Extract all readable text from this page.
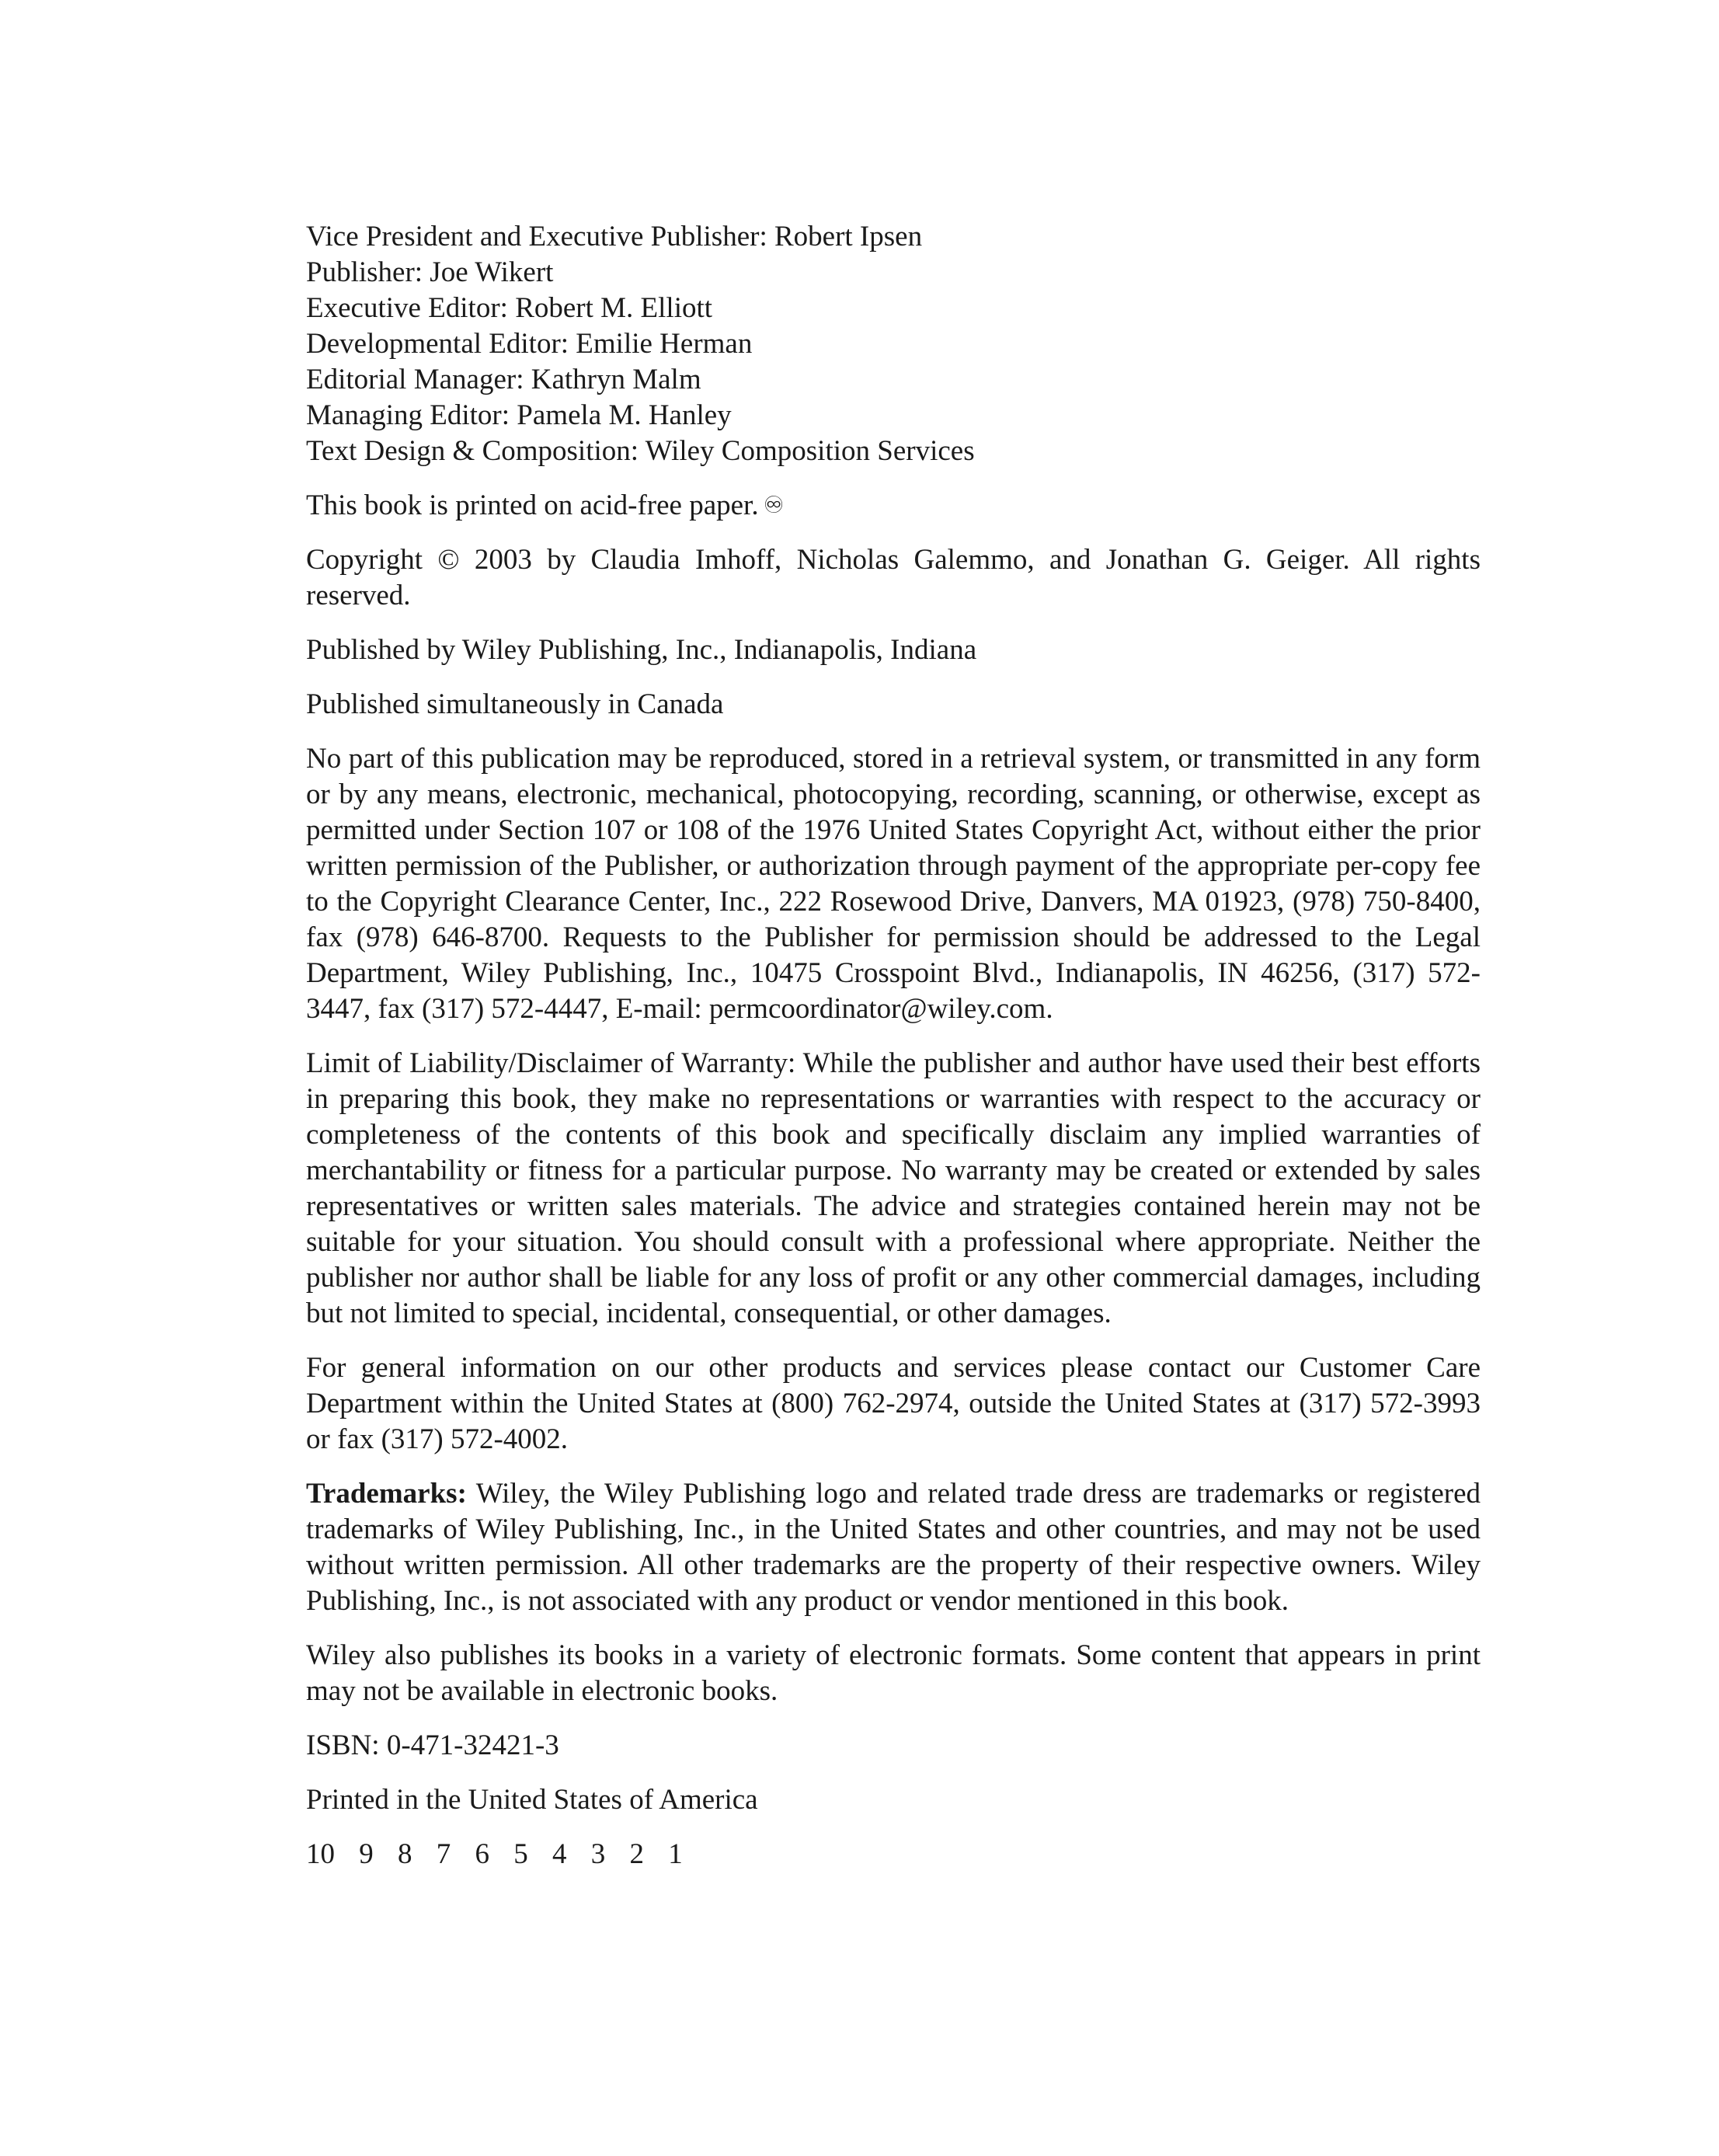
Vice President and Executive Publisher: Robert Ipsen
Publisher: Joe Wikert
Executive Editor: Robert M. Elliott
Developmental Editor: Emilie Herman
Editorial Manager: Kathryn Malm
Managing Editor: Pamela M. Hanley
Text Design & Composition: Wiley Composition Services

This book is printed on acid-free paper. ♾

Copyright © 2003 by Claudia Imhoff, Nicholas Galemmo, and Jonathan G. Geiger. All rights reserved.

Published by Wiley Publishing, Inc., Indianapolis, Indiana

Published simultaneously in Canada

No part of this publication may be reproduced, stored in a retrieval system, or transmitted in any form or by any means, electronic, mechanical, photocopying, recording, scanning, or otherwise, except as permitted under Section 107 or 108 of the 1976 United States Copyright Act, without either the prior written permission of the Publisher, or authorization through payment of the appropriate per-copy fee to the Copyright Clearance Center, Inc., 222 Rosewood Drive, Danvers, MA 01923, (978) 750-8400, fax (978) 646-8700. Requests to the Publisher for permission should be addressed to the Legal Department, Wiley Publishing, Inc., 10475 Crosspoint Blvd., Indianapolis, IN 46256, (317) 572-3447, fax (317) 572-4447, E-mail: permcoordinator@wiley.com.

Limit of Liability/Disclaimer of Warranty: While the publisher and author have used their best efforts in preparing this book, they make no representations or warranties with respect to the accuracy or completeness of the contents of this book and specifically disclaim any implied warranties of merchantability or fitness for a particular purpose. No warranty may be created or extended by sales representatives or written sales materials. The advice and strategies contained herein may not be suitable for your situation. You should consult with a professional where appropriate. Neither the publisher nor author shall be liable for any loss of profit or any other commercial damages, including but not limited to special, incidental, consequential, or other damages.

For general information on our other products and services please contact our Customer Care Department within the United States at (800) 762-2974, outside the United States at (317) 572-3993 or fax (317) 572-4002.

Trademarks: Wiley, the Wiley Publishing logo and related trade dress are trademarks or registered trademarks of Wiley Publishing, Inc., in the United States and other countries, and may not be used without written permission. All other trademarks are the property of their respective owners. Wiley Publishing, Inc., is not associated with any product or vendor mentioned in this book.

Wiley also publishes its books in a variety of electronic formats. Some content that appears in print may not be available in electronic books.

ISBN: 0-471-32421-3

Printed in the United States of America

10 9 8 7 6 5 4 3 2 1
